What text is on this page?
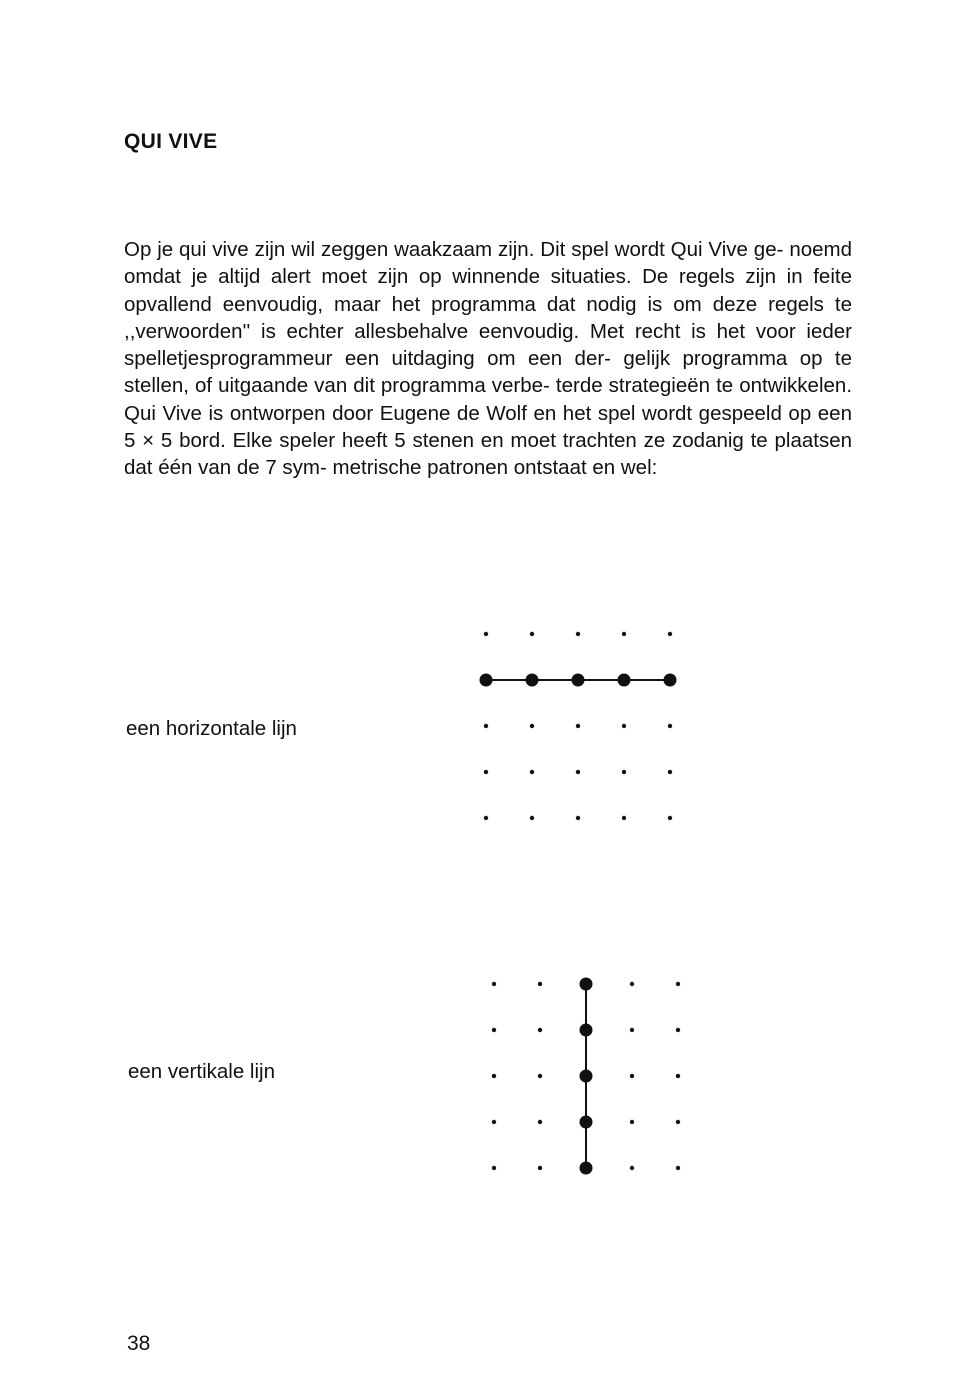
QUI VIVE

Op je qui vive zijn wil zeggen waakzaam zijn. Dit spel wordt Qui Vive ge- noemd omdat je altijd alert moet zijn op winnende situaties. De regels zijn in feite opvallend eenvoudig, maar het programma dat nodig is om deze regels te ,,verwoorden'' is echter allesbehalve eenvoudig. Met recht is het voor ieder spelletjesprogrammeur een uitdaging om een der- gelijk programma op te stellen, of uitgaande van dit programma verbe- terde strategieën te ontwikkelen. Qui Vive is ontworpen door Eugene de Wolf en het spel wordt gespeeld op een 5 × 5 bord. Elke speler heeft 5 stenen en moet trachten ze zodanig te plaatsen dat één van de 7 sym- metrische patronen ontstaat en wel:

een horizontale lijn
een vertikale lijn
38
